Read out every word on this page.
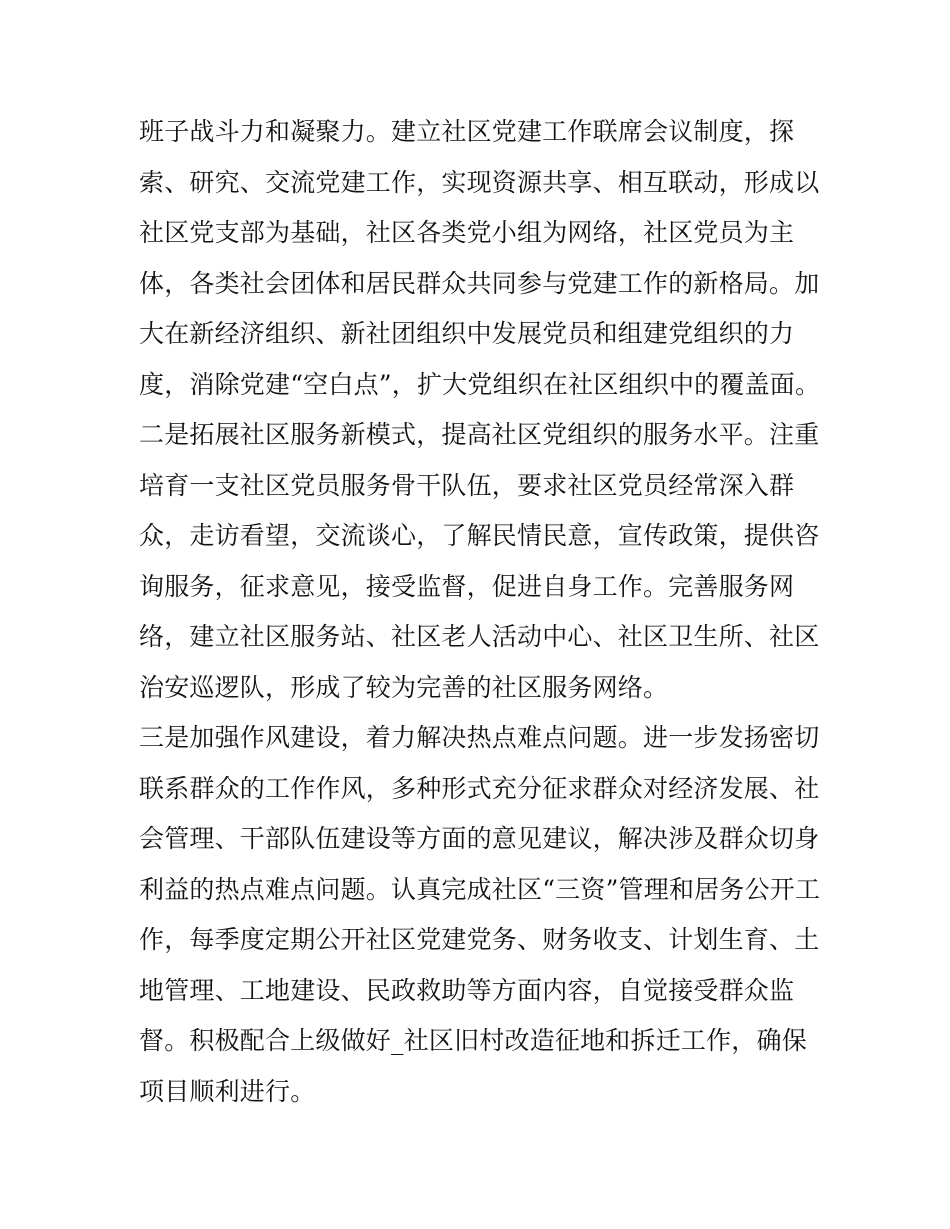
班子战斗力和凝聚力。建立社区党建工作联席会议制度，探
索、研究、交流党建工作，实现资源共享、相互联动，形成以
社区党支部为基础，社区各类党小组为网络，社区党员为主
体，各类社会团体和居民群众共同参与党建工作的新格局。加
大在新经济组织、新社团组织中发展党员和组建党组织的力
度，消除党建“空白点”，扩大党组织在社区组织中的覆盖面。
二是拓展社区服务新模式，提高社区党组织的服务水平。注重
培育一支社区党员服务骨干队伍，要求社区党员经常深入群
众，走访看望，交流谈心，了解民情民意，宣传政策，提供咨
询服务，征求意见，接受监督，促进自身工作。完善服务网
络，建立社区服务站、社区老人活动中心、社区卫生所、社区
治安巡逻队，形成了较为完善的社区服务网络。
三是加强作风建设，着力解决热点难点问题。进一步发扬密切
联系群众的工作作风，多种形式充分征求群众对经济发展、社
会管理、干部队伍建设等方面的意见建议，解决涉及群众切身
利益的热点难点问题。认真完成社区“三资”管理和居务公开工
作，每季度定期公开社区党建党务、财务收支、计划生育、土
地管理、工地建设、民政救助等方面内容，自觉接受群众监
督。积极配合上级做好_社区旧村改造征地和拆迁工作，确保
项目顺利进行。
